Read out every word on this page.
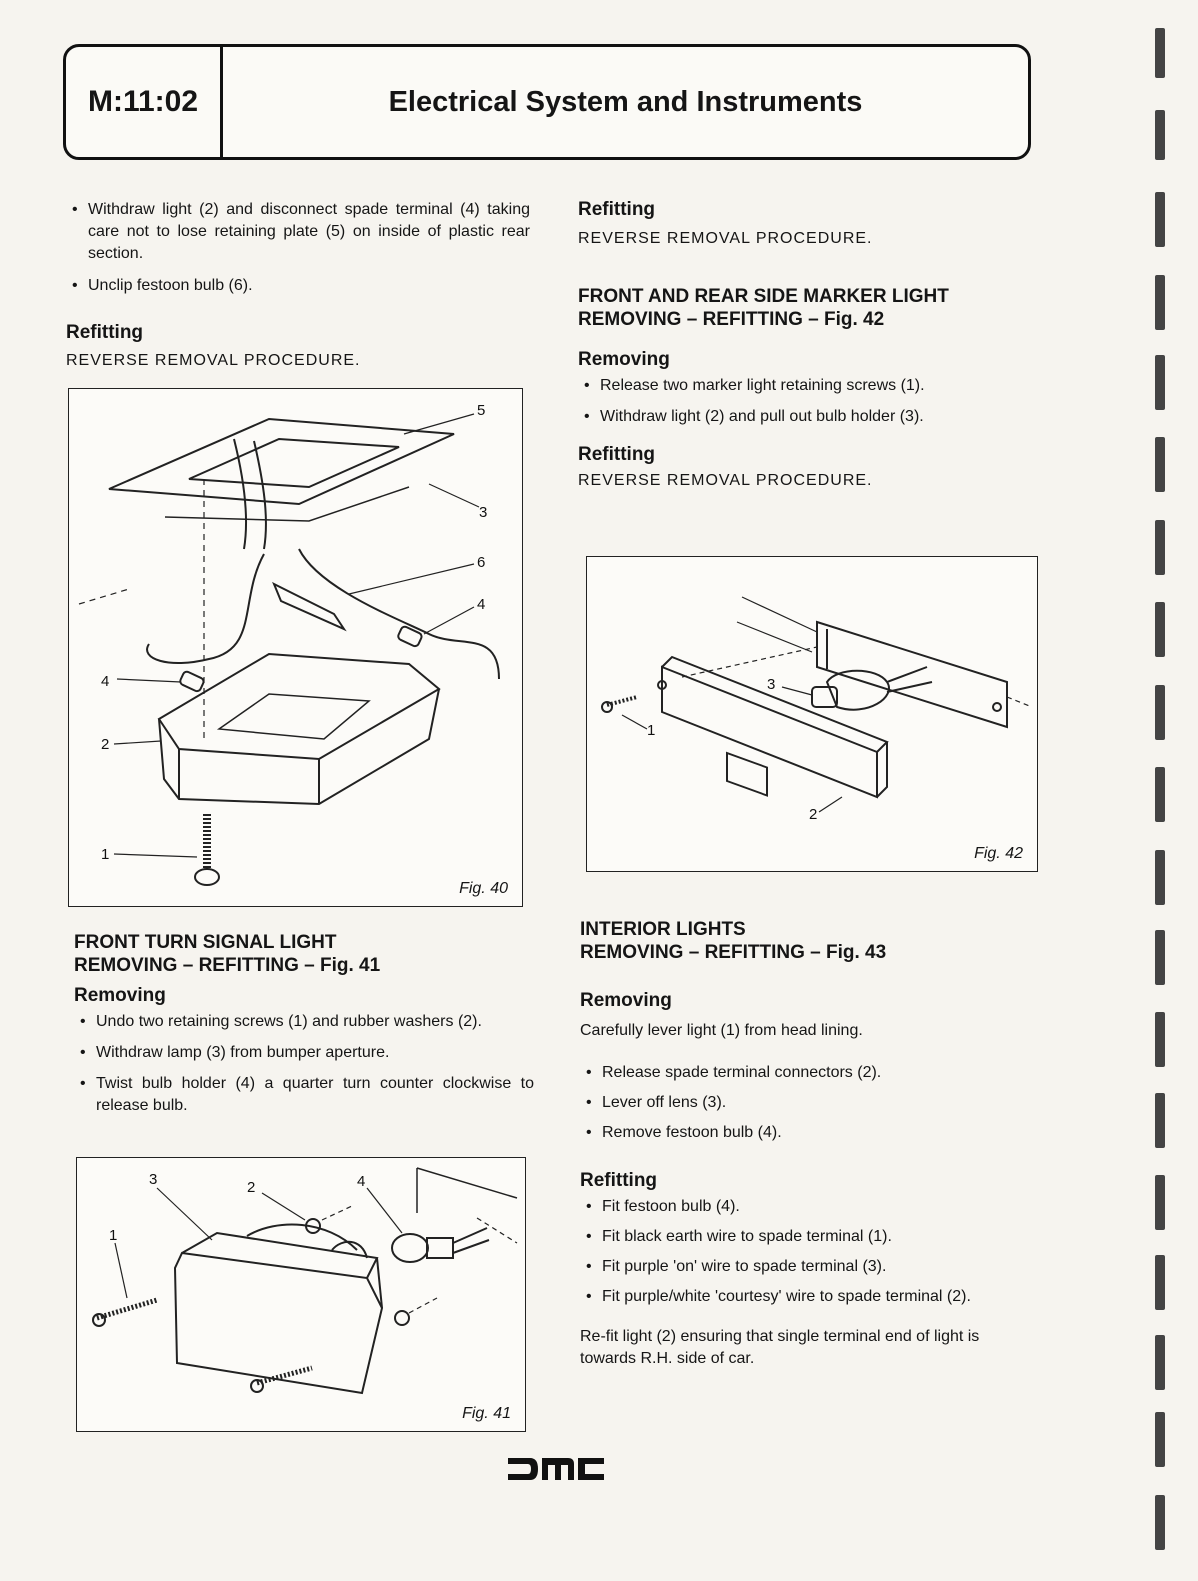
M:11:02	Electrical System and Instruments

• Withdraw light (2) and disconnect spade terminal (4) taking care not to lose retaining plate (5) on inside of plastic rear section.

• Unclip festoon bulb (6).

Refitting

REVERSE REMOVAL PROCEDURE.

5
3
6
4
4
2
1
Fig. 40

FRONT TURN SIGNAL LIGHT

REMOVING – REFITTING – Fig. 41

Removing

• Undo two retaining screws (1) and rubber washers (2).

• Withdraw lamp (3) from bumper aperture.

• Twist bulb holder (4) a quarter turn counter clockwise to release bulb.

3	2	4
1
Fig. 41

Refitting

REVERSE REMOVAL PROCEDURE.

FRONT AND REAR SIDE MARKER LIGHT

REMOVING – REFITTING – Fig. 42

Removing

• Release two marker light retaining screws (1).

• Withdraw light (2) and pull out bulb holder (3).

Refitting

REVERSE REMOVAL PROCEDURE.

3
1
2
Fig. 42

INTERIOR LIGHTS

REMOVING – REFITTING – Fig. 43

Removing

Carefully lever light (1) from head lining.

• Release spade terminal connectors (2).

• Lever off lens (3).

• Remove festoon bulb (4).

Refitting

• Fit festoon bulb (4).

• Fit black earth wire to spade terminal (1).

• Fit purple 'on' wire to spade terminal (3).

• Fit purple/white 'courtesy' wire to spade terminal (2).

Re-fit light (2) ensuring that single terminal end of light is towards R.H. side of car.
